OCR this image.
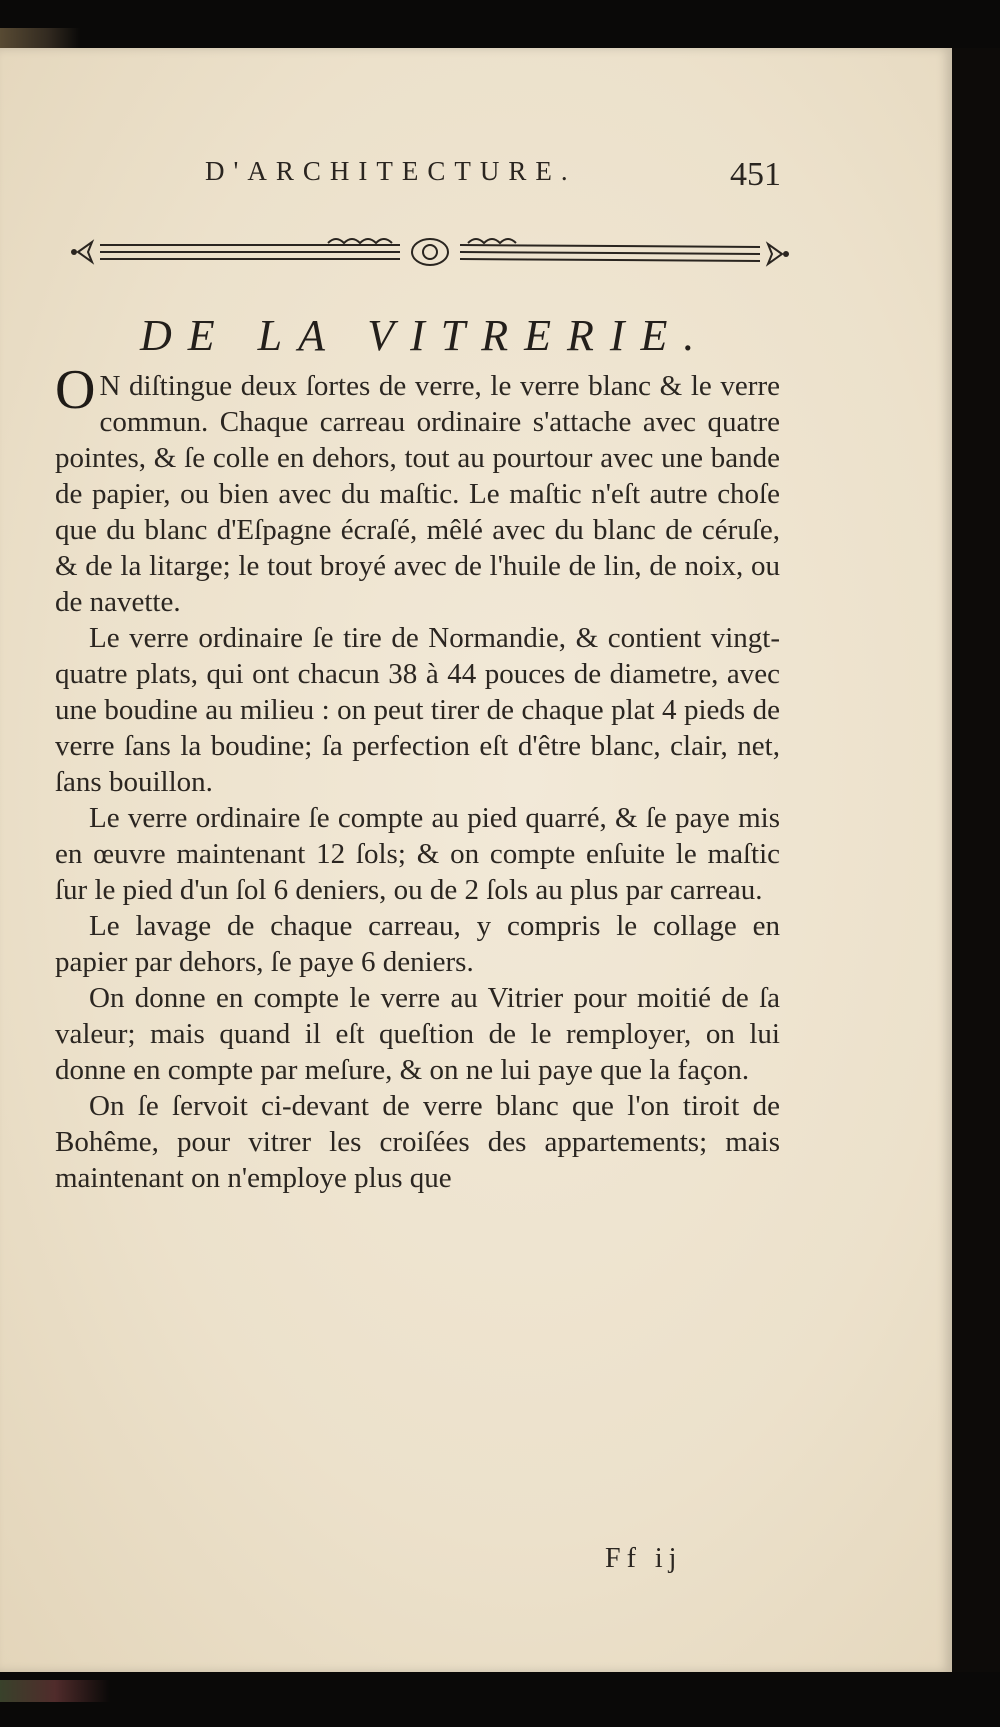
D'ARCHITECTURE.	451
DE LA VITRERIE.

O N diſtingue deux ſortes de verre, le verre blanc & le verre commun. Chaque carreau ordinaire s'attache avec quatre pointes, & ſe colle en dehors, tout au pourtour avec une bande de papier, ou bien avec du maſtic. Le maſtic n'eſt autre choſe que du blanc d'Eſpagne écraſé, mêlé avec du blanc de céruſe, & de la litarge; le tout broyé avec de l'huile de lin, de noix, ou de navette.

Le verre ordinaire ſe tire de Normandie, & contient vingt-quatre plats, qui ont chacun 38 à 44 pouces de diametre, avec une boudine au milieu : on peut tirer de chaque plat 4 pieds de verre ſans la boudine; ſa perfection eſt d'être blanc, clair, net, ſans bouillon.

Le verre ordinaire ſe compte au pied quarré, & ſe paye mis en œuvre maintenant 12 ſols; & on compte enſuite le maſtic ſur le pied d'un ſol 6 deniers, ou de 2 ſols au plus par carreau.

Le lavage de chaque carreau, y compris le collage en papier par dehors, ſe paye 6 deniers.

On donne en compte le verre au Vitrier pour moitié de ſa valeur; mais quand il eſt queſtion de le remployer, on lui donne en compte par meſure, & on ne lui paye que la façon.

On ſe ſervoit ci-devant de verre blanc que l'on tiroit de Bohême, pour vitrer les croiſées des appartements; mais maintenant on n'employe plus que

Ff ij
